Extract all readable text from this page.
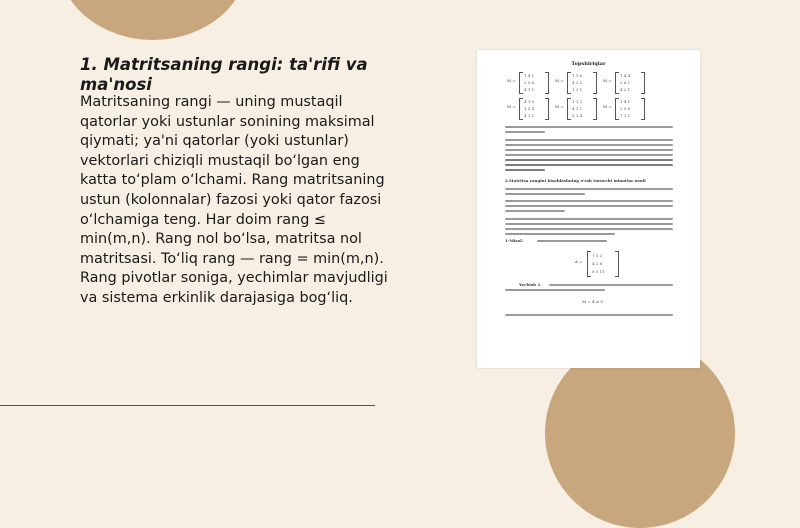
1. Matritsaning rangi: ta'rifi va ma'nosi

Matritsaning rangi — uning mustaqil qatorlar yoki ustunlar sonining maksimal qiymati; ya'ni qatorlar (yoki ustunlar) vektorlari chiziqli mustaqil bo‘lgan eng katta to‘plam o‘lchami. Rang matritsaning ustun (kolonnalar) fazosi yoki qator fazosi o‘lchamiga teng. Har doim rang ≤ min(m,n). Rang nol bo‘lsa, matritsa nol matritsasi. To‘liq rang — rang = min(m,n). Rang pivotlar soniga, yechimlar mavjudligi va sistema erkinlik darajasiga bog‘liq.

Topshiriqlar
M =
1 4 1
2 5 6
4 1 1
M =
1 1 6
4 2 1
1 3 1
M =
1 4 4
2 6 1
4 2 1
M =
4 1 0
1 5 4
4 1 1
M =
1 1 2
4 1 1
5 1 4
M =
1 4 1
2 5 6
7 1 1
2.Matritsa rangini hisoblashning o'rab turuvchi minorlar usuli
1-Misol.
A =
7 5 3
4 2 6
6 5 11
Yechish 1.
M = 4 ≠ 0
